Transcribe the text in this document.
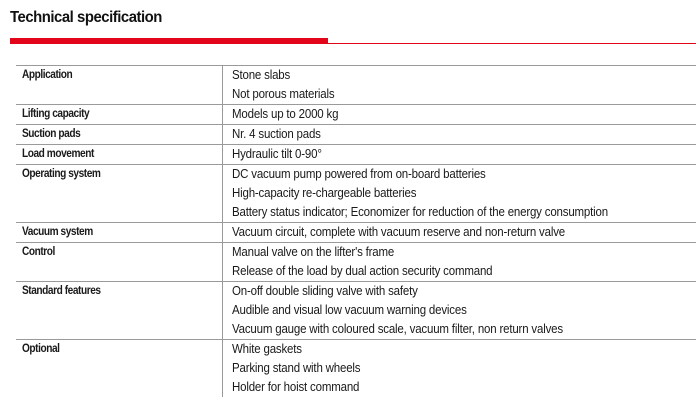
Technical specification
Application	Stone slabs
Not porous materials
Lifting capacity	Models up to 2000 kg
Suction pads	Nr. 4 suction pads
Load movement	Hydraulic tilt 0-90°
Operating system	DC vacuum pump powered from on-board batteries
High-capacity re-chargeable batteries
Battery status indicator; Economizer for reduction of the energy consumption
Vacuum system	Vacuum circuit, complete with vacuum reserve and non-return valve
Control	Manual valve on the lifter's frame
Release of the load by dual action security command
Standard features	On-off double sliding valve with safety
Audible and visual low vacuum warning devices
Vacuum gauge with coloured scale, vacuum filter, non return valves
Optional	White gaskets
Parking stand with wheels
Holder for hoist command
